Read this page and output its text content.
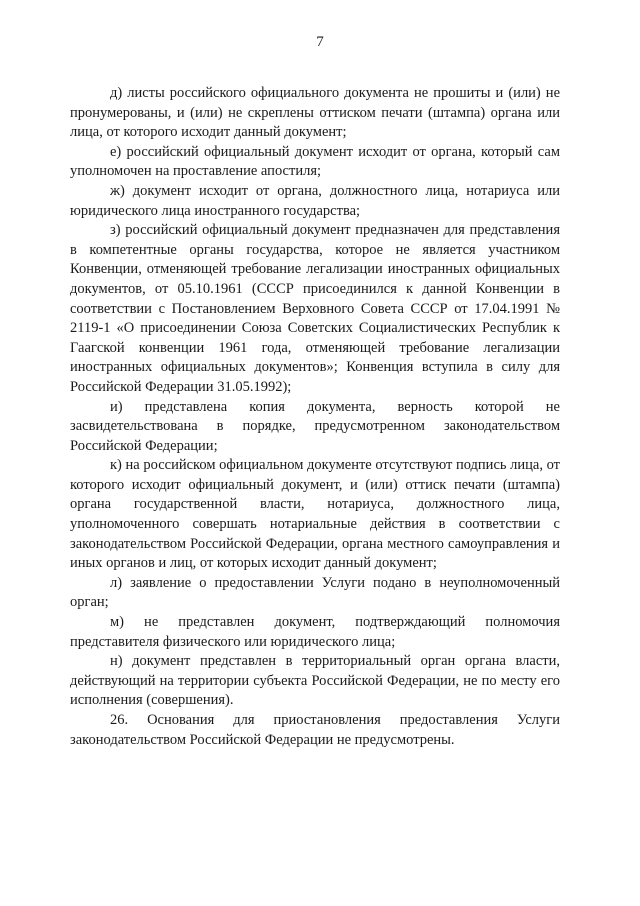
7

д) листы российского официального документа не прошиты и (или) не пронумерованы, и (или) не скреплены оттиском печати (штампа) органа или лица, от которого исходит данный документ;

е) российский официальный документ исходит от органа, который сам уполномочен на проставление апостиля;

ж) документ исходит от органа, должностного лица, нотариуса или юридического лица иностранного государства;

з) российский официальный документ предназначен для представления в компетентные органы государства, которое не является участником Конвенции, отменяющей требование легализации иностранных официальных документов, от 05.10.1961 (СССР присоединился к данной Конвенции в соответствии с Постановлением Верховного Совета СССР от 17.04.1991 № 2119-1 «О присоединении Союза Советских Социалистических Республик к Гаагской конвенции 1961 года, отменяющей требование легализации иностранных официальных документов»; Конвенция вступила в силу для Российской Федерации 31.05.1992);

и) представлена копия документа, верность которой не засвидетельствована в порядке, предусмотренном законодательством Российской Федерации;

к) на российском официальном документе отсутствуют подпись лица, от которого исходит официальный документ, и (или) оттиск печати (штампа) органа государственной власти, нотариуса, должностного лица, уполномоченного совершать нотариальные действия в соответствии с законодательством Российской Федерации, органа местного самоуправления и иных органов и лиц, от которых исходит данный документ;

л) заявление о предоставлении Услуги подано в неуполномоченный орган;

м) не представлен документ, подтверждающий полномочия представителя физического или юридического лица;

н) документ представлен в территориальный орган органа власти, действующий на территории субъекта Российской Федерации, не по месту его исполнения (совершения).

26. Основания для приостановления предоставления Услуги законодательством Российской Федерации не предусмотрены.
